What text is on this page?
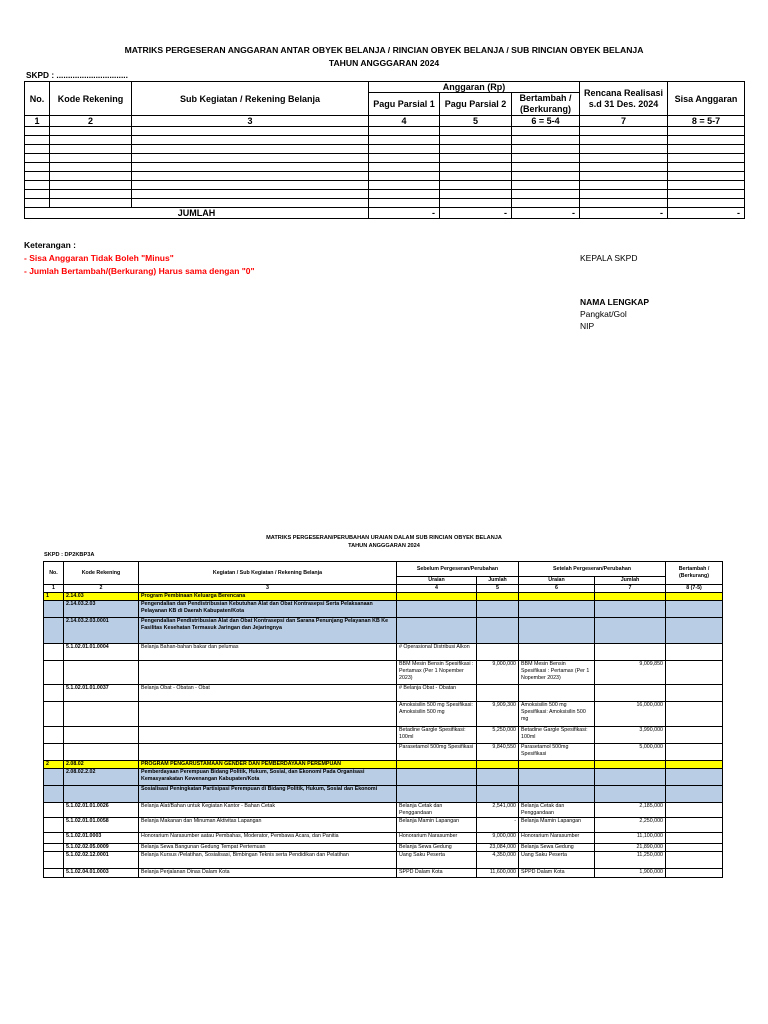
MATRIKS PERGESERAN ANGGARAN ANTAR OBYEK BELANJA / RINCIAN OBYEK BELANJA / SUB RINCIAN OBYEK BELANJA
TAHUN ANGGGARAN 2024
SKPD : ...............................
No.	Kode Rekening	Sub Kegiatan / Rekening Belanja	Anggaran (Rp)			Rencana Realisasi s.d 31 Des. 2024	Sisa Anggaran
			Pagu Parsial 1	Pagu Parsial 2	Bertambah / (Berkurang)		
1	2	3	4	5	6 = 5-4	7	8 = 5-7

JUMLAH			-	-	-	-	-
Keterangan :
- Sisa Anggaran Tidak Boleh "Minus"
- Jumlah Bertambah/(Berkurang) Harus sama dengan "0"
KEPALA SKPD
NAMA LENGKAP
Pangkat/Gol
NIP
MATRIKS PERGESERAN/PERUBAHAN URAIAN DALAM SUB RINCIAN OBYEK BELANJA
TAHUN ANGGGARAN 2024
SKPD : DP2KBP3A
No.	Kode Rekening	Kegiatan / Sub Kegiatan / Rekening Belanja	Sebelum Pergeseran/Perubahan		Setelah Pergeseran/Perubahan		Bertambah / (Berkurang)
			Uraian	Jumlah	Uraian	Jumlah	
1	2	3	4	5	6	7	8 (7-5)
1	2.14.03	Program Pembinaan Keluarga Berencana					
	2.14.03.2.03	Pengendalian dan Pendistribusian Kebutuhan Alat dan Obat Kontrasepsi Serta Pelaksanaan Pelayanan KB di Daerah Kabupaten/Kota					
	2.14.03.2.03.0001	Pengendalian Pendistribusian Alat dan Obat Kontrasepsi dan Sarana Penunjang Pelayanan KB Ke Fasilitas Kesehatan Termasuk Jaringan dan Jejaringnya					
	5.1.02.01.01.0004	Belanja Bahan-bahan bakar dan pelumas	# Operasional Distribusi Alkon				
			BBM Mesin Bensin Spesifikasi : Pertamax (Per 1 Nopember 2023)	9,000,000	BBM Mesin Bensin Spesifikasi : Pertamax (Per 1 Nopember 2023)	9,009,850	
	5.1.02.01.01.0037	Belanja Obat - Obatan - Obat	# Belanja Obat - Obatan				
			Amoksisilin 500 mg Spesifikasi: Amoksisilin 500 mg	9,909,300	Amoksisilin 500 mg Spesifikasi: Amoksisilin 500 mg	16,000,000	
			Betadine Gargle Spesifikasi: 100ml	5,250,000	Betadine Gargle Spesifikasi: 100ml	3,990,000	
			Parasetamol 500mg Spesifikasi	9,840,550	Parasetamol 500mg Spesifikasi	5,000,000	
2	2.08.02	PROGRAM PENGARUSTAMAAN GENDER DAN PEMBERDAYAAN PEREMPUAN					
	2.08.02.2.02	Pemberdayaan Perempuan Bidang Politik, Hukum, Sosial, dan Ekonomi Pada Organisasi Kemasyarakatan Kewenangan Kabupaten/Kota					
		Sosialisasi Peningkatan Partisipasi Perempuan di Bidang Politik, Hukum, Sosial dan Ekonomi					
	5.1.02.01.01.0026	Belanja Alat/Bahan untuk Kegiatan Kantor - Bahan Cetak	Belanja Cetak dan Penggandaan	2,541,000	Belanja Cetak dan Penggandaan	2,185,000	
	5.1.02.01.01.0058	Belanja Makanan dan Minuman Aktivitas Lapangan	Belanja Mamin Lapangan	-	Belanja Mamin Lapangan	2,250,000	
	5.1.02.01.0003	Honorarium Narasumber aatau Pembahas, Moderator, Pembawa Acara, dan Panitia	Honorarium Narasumber	9,000,000	Honorarium Narasumber	11,100,000	
	5.1.02.02.05.0009	Belanja Sewa Bangunan Gedung Tempat Pertemuan	Belanja Sewa Gedung	23,084,000	Belanja Sewa Gedung	21,890,000	
	5.1.02.02.12.0001	Belanja Kursus /Pelatihan, Sosialisasi, Bimbingan Teknis serta Pendidikan dan Pelatihan	Uang Saku Peserta	4,350,000	Uang Saku Peserta	11,250,000	
	5.1.02.04.01.0003	Belanja Perjalanan Dinas Dalam Kota	SPPD Dalam Kota	11,600,000	SPPD Dalam Kota	1,900,000	
